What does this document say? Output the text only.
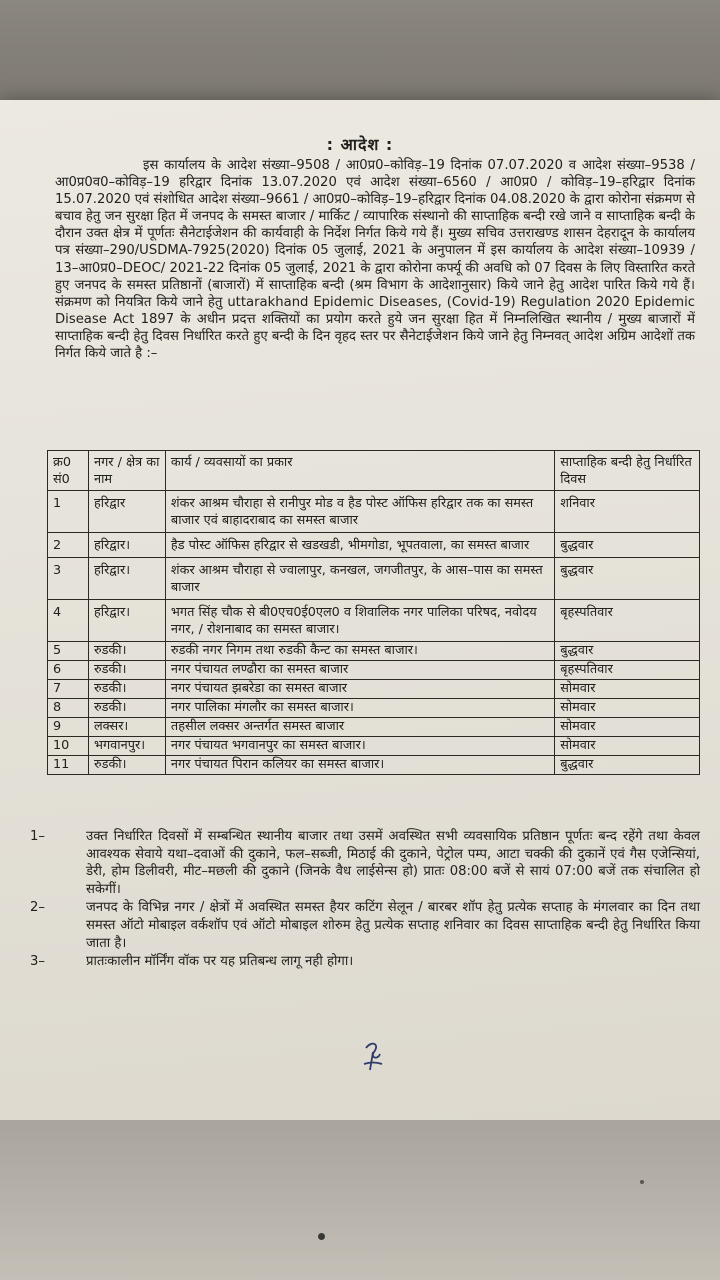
: आदेश :
इस कार्यालय के आदेश संख्या–9508 / आ0प्र0–कोविड़–19 दिनांक 07.07.2020 व आदेश संख्या–9538 / आ0प्र0व0–कोविड़–19 हरिद्वार दिनांक 13.07.2020 एवं आदेश संख्या–6560 / आ0प्र0 / कोविड़–19–हरिद्वार दिनांक 15.07.2020 एवं संशोधित आदेश संख्या–9661 / आ0प्र0–कोविड़–19–हरिद्वार दिनांक 04.08.2020 के द्वारा कोरोना संक्रमण से बचाव हेतु जन सुरक्षा हित में जनपद के समस्त बाजार / मार्किट / व्यापारिक संस्थानो की साप्ताहिक बन्दी रखे जाने व साप्ताहिक बन्दी के दौरान उक्त क्षेत्र में पूर्णतः सैनेटाईजेशन की कार्यवाही के निर्देश निर्गत किये गये हैं। मुख्य सचिव उत्तराखण्ड शासन देहरादून के कार्यालय पत्र संख्या–290/USDMA-7925(2020) दिनांक 05 जुलाई, 2021 के अनुपालन में इस कार्यालय के आदेश संख्या–10939 / 13–आ0प्र0–DEOC/ 2021-22 दिनांक 05 जुलाई, 2021 के द्वारा कोरोना कर्फ्यू की अवधि को 07 दिवस के लिए विस्तारित करते हुए जनपद के समस्त प्रतिष्ठानों (बाजारों) में साप्ताहिक बन्दी (श्रम विभाग के आदेशानुसार) किये जाने हेतु आदेश पारित किये गये हैं। संक्रमण को नियत्रित किये जाने हेतु uttarakhand Epidemic Diseases, (Covid-19) Regulation 2020 Epidemic Disease Act 1897 के अधीन प्रदत्त शक्तियों का प्रयोग करते हुये जन सुरक्षा हित में निम्नलिखित स्थानीय / मुख्य बाजारों में साप्ताहिक बन्दी हेतु दिवस निर्धारित करते हुए बन्दी के दिन वृहद स्तर पर सैनेटाईजेशन किये जाने हेतु निम्नवत् आदेश अग्रिम आदेशों तक निर्गत किये जाते है :–
क्र0 सं0	नगर / क्षेत्र का नाम	कार्य / व्यवसायों का प्रकार	साप्ताहिक बन्दी हेतु निर्धारित दिवस
1	हरिद्वार	शंकर आश्रम चौराहा से रानीपुर मोड व हैड पोस्ट ऑफिस हरिद्वार तक का समस्त बाजार एवं बाहादराबाद का समस्त बाजार	शनिवार
2	हरिद्वार।	हैड पोस्ट ऑफिस हरिद्वार से खडखडी, भीमगोडा, भूपतवाला, का समस्त बाजार	बुद्धवार
3	हरिद्वार।	शंकर आश्रम चौराहा से ज्वालापुर, कनखल, जगजीतपुर, के आस–पास का समस्त बाजार	बुद्धवार
4	हरिद्वार।	भगत सिंह चौक से बी0एच0ई0एल0 व शिवालिक नगर पालिका परिषद, नवोदय नगर, / रोशनाबाद का समस्त बाजार।	बृहस्पतिवार
5	रुडकी।	रुडकी नगर निगम तथा रुडकी कैन्ट का समस्त बाजार।	बुद्धवार
6	रुडकी।	नगर पंचायत लण्ढौरा का समस्त बाजार	बृहस्पतिवार
7	रुडकी।	नगर पंचायत झबरेडा का समस्त बाजार	सोमवार
8	रुडकी।	नगर पालिका मंगलौर का समस्त बाजार।	सोमवार
9	लक्सर।	तहसील लक्सर अन्तर्गत समस्त बाजार	सोमवार
10	भगवानपुर।	नगर पंचायत भगवानपुर का समस्त बाजार।	सोमवार
11	रुडकी।	नगर पंचायत पिरान कलियर का समस्त बाजार।	बुद्धवार
1–	उक्त निर्धारित दिवसों में सम्बन्धित स्थानीय बाजार तथा उसमें अवस्थित सभी व्यवसायिक प्रतिष्ठान पूर्णतः बन्द रहेंगे तथा केवल आवश्यक सेवाये यथा–दवाओं की दुकाने, फल–सब्जी, मिठाई की दुकाने, पेट्रोल पम्प, आटा चक्की की दुकानें एवं गैस एजेन्सियां, डेरी, होम डिलीवरी, मीट–मछली की दुकाने (जिनके वैध लाईसेन्स हो) प्रातः 08:00 बजें से सायं 07:00 बजें तक संचालित हो सकेगीं।
2–	जनपद के विभिन्न नगर / क्षेत्रों में अवस्थित समस्त हैयर कटिंग सेलून / बारबर शॉप हेतु प्रत्येक सप्ताह के मंगलवार का दिन तथा समस्त ऑटो मोबाइल वर्कशॉप एवं ऑटो मोबाइल शोरुम हेतु प्रत्येक सप्ताह शनिवार का दिवस साप्ताहिक बन्दी हेतु निर्धारित किया जाता है।
3–	प्रातःकालीन मॉर्निंग वॉक पर यह प्रतिबन्ध लागू नही होगा।
